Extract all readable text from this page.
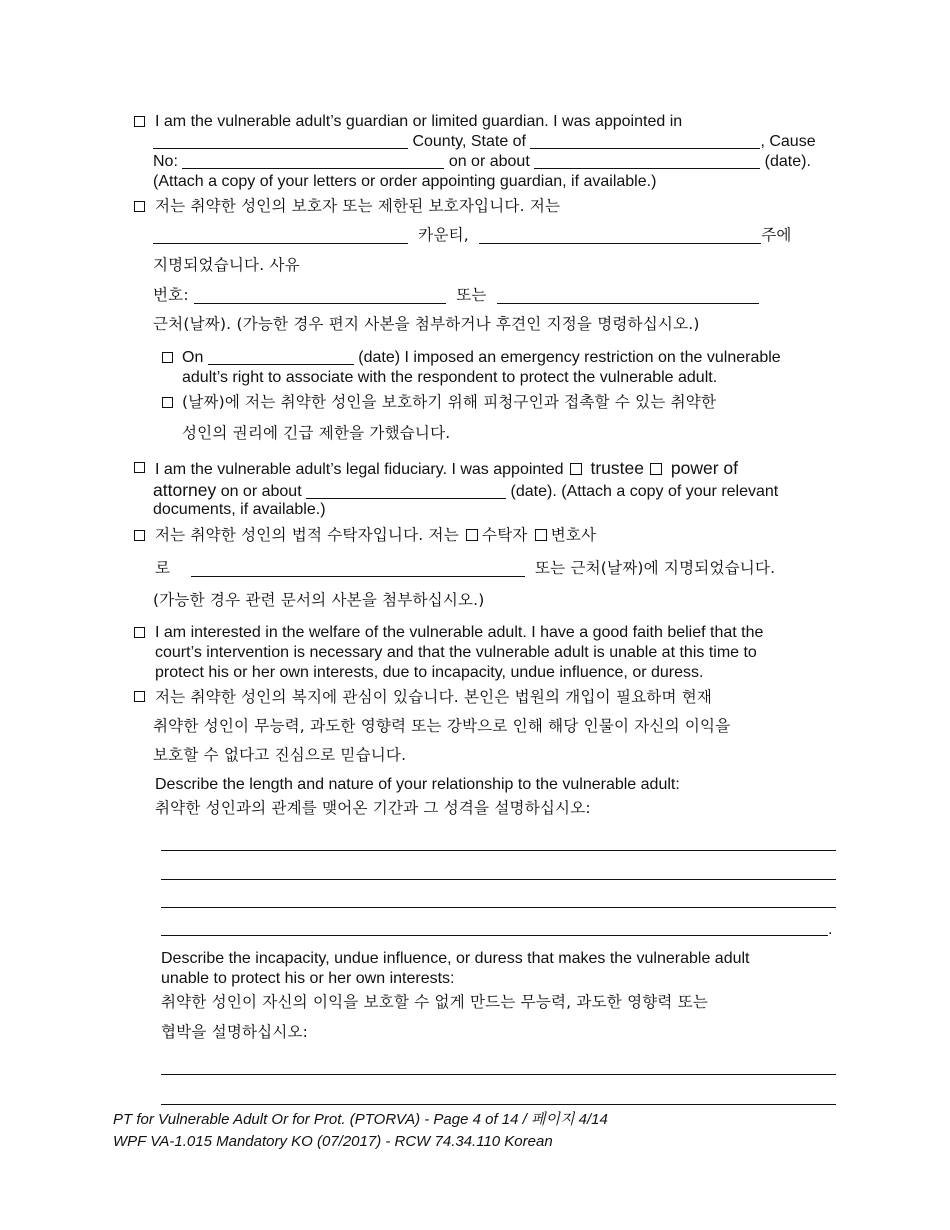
I am the vulnerable adult’s guardian or limited guardian. I was appointed in
County, State of	, Cause
No:	on or about	(date).
(Attach a copy of your letters or order appointing guardian, if available.)
저는 취약한 성인의 보호자 또는 제한된 보호자입니다. 저는
카운티,	주에
지명되었습니다. 사유
번호:	또는
근처(날짜). (가능한 경우 편지 사본을 첨부하거나 후견인 지정을 명령하십시오.)
On	(date) I imposed an emergency restriction on the vulnerable
adult’s right to associate with the respondent to protect the vulnerable adult.
(날짜)에 저는 취약한 성인을 보호하기 위해 피청구인과 접촉할 수 있는 취약한
성인의 권리에 긴급 제한을 가했습니다.
I am the vulnerable adult’s legal fiduciary. I was appointed trustee power of
attorney on or about	(date). (Attach a copy of your relevant
documents, if available.)
저는 취약한 성인의 법적 수탁자입니다. 저는 수탁자 변호사
로	또는 근처(날짜)에 지명되었습니다.
(가능한 경우 관련 문서의 사본을 첨부하십시오.)
I am interested in the welfare of the vulnerable adult. I have a good faith belief that the
court’s intervention is necessary and that the vulnerable adult is unable at this time to
protect his or her own interests, due to incapacity, undue influence, or duress.
저는 취약한 성인의 복지에 관심이 있습니다. 본인은 법원의 개입이 필요하며 현재
취약한 성인이 무능력, 과도한 영향력 또는 강박으로 인해 해당 인물이 자신의 이익을
보호할 수 없다고 진심으로 믿습니다.
Describe the length and nature of your relationship to the vulnerable adult:
취약한 성인과의 관계를 맺어온 기간과 그 성격을 설명하십시오:
.
Describe the incapacity, undue influence, or duress that makes the vulnerable adult
unable to protect his or her own interests:
취약한 성인이 자신의 이익을 보호할 수 없게 만드는 무능력, 과도한 영향력 또는
협박을 설명하십시오:
PT for Vulnerable Adult Or for Prot. (PTORVA) - Page 4 of 14 / 페이지 4/14
WPF VA-1.015 Mandatory KO (07/2017) - RCW 74.34.110 Korean
